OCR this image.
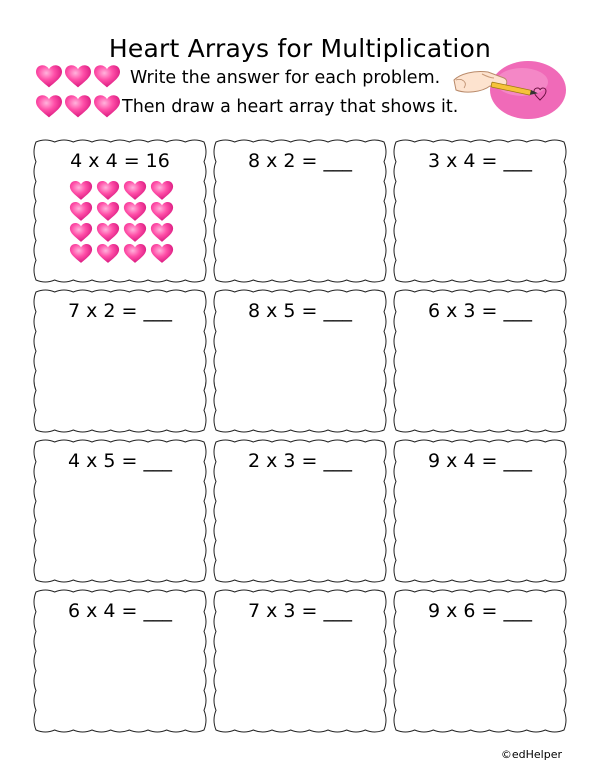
Heart Arrays for Multiplication
Write the answer for each problem.
Then draw a heart array that shows it.
4 x 4 = 16	8 x 2 = ___	3 x 4 = ___
7 x 2 = ___	8 x 5 = ___	6 x 3 = ___
4 x 5 = ___	2 x 3 = ___	9 x 4 = ___
6 x 4 = ___	7 x 3 = ___	9 x 6 = ___
©edHelper
